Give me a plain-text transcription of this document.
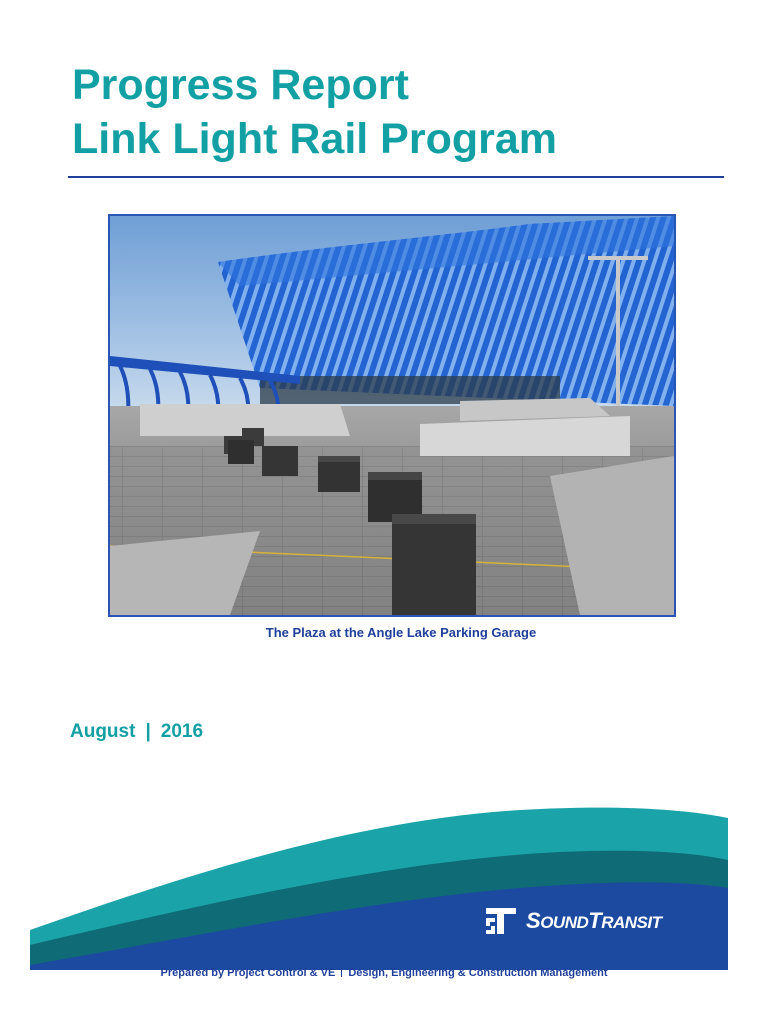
Progress Report
Link Light Rail Program
The Plaza at the Angle Lake Parking Garage
August | 2016
SOUNDTRANSIT
Prepared by Project Control & VE Design, Engineering & Construction Management
